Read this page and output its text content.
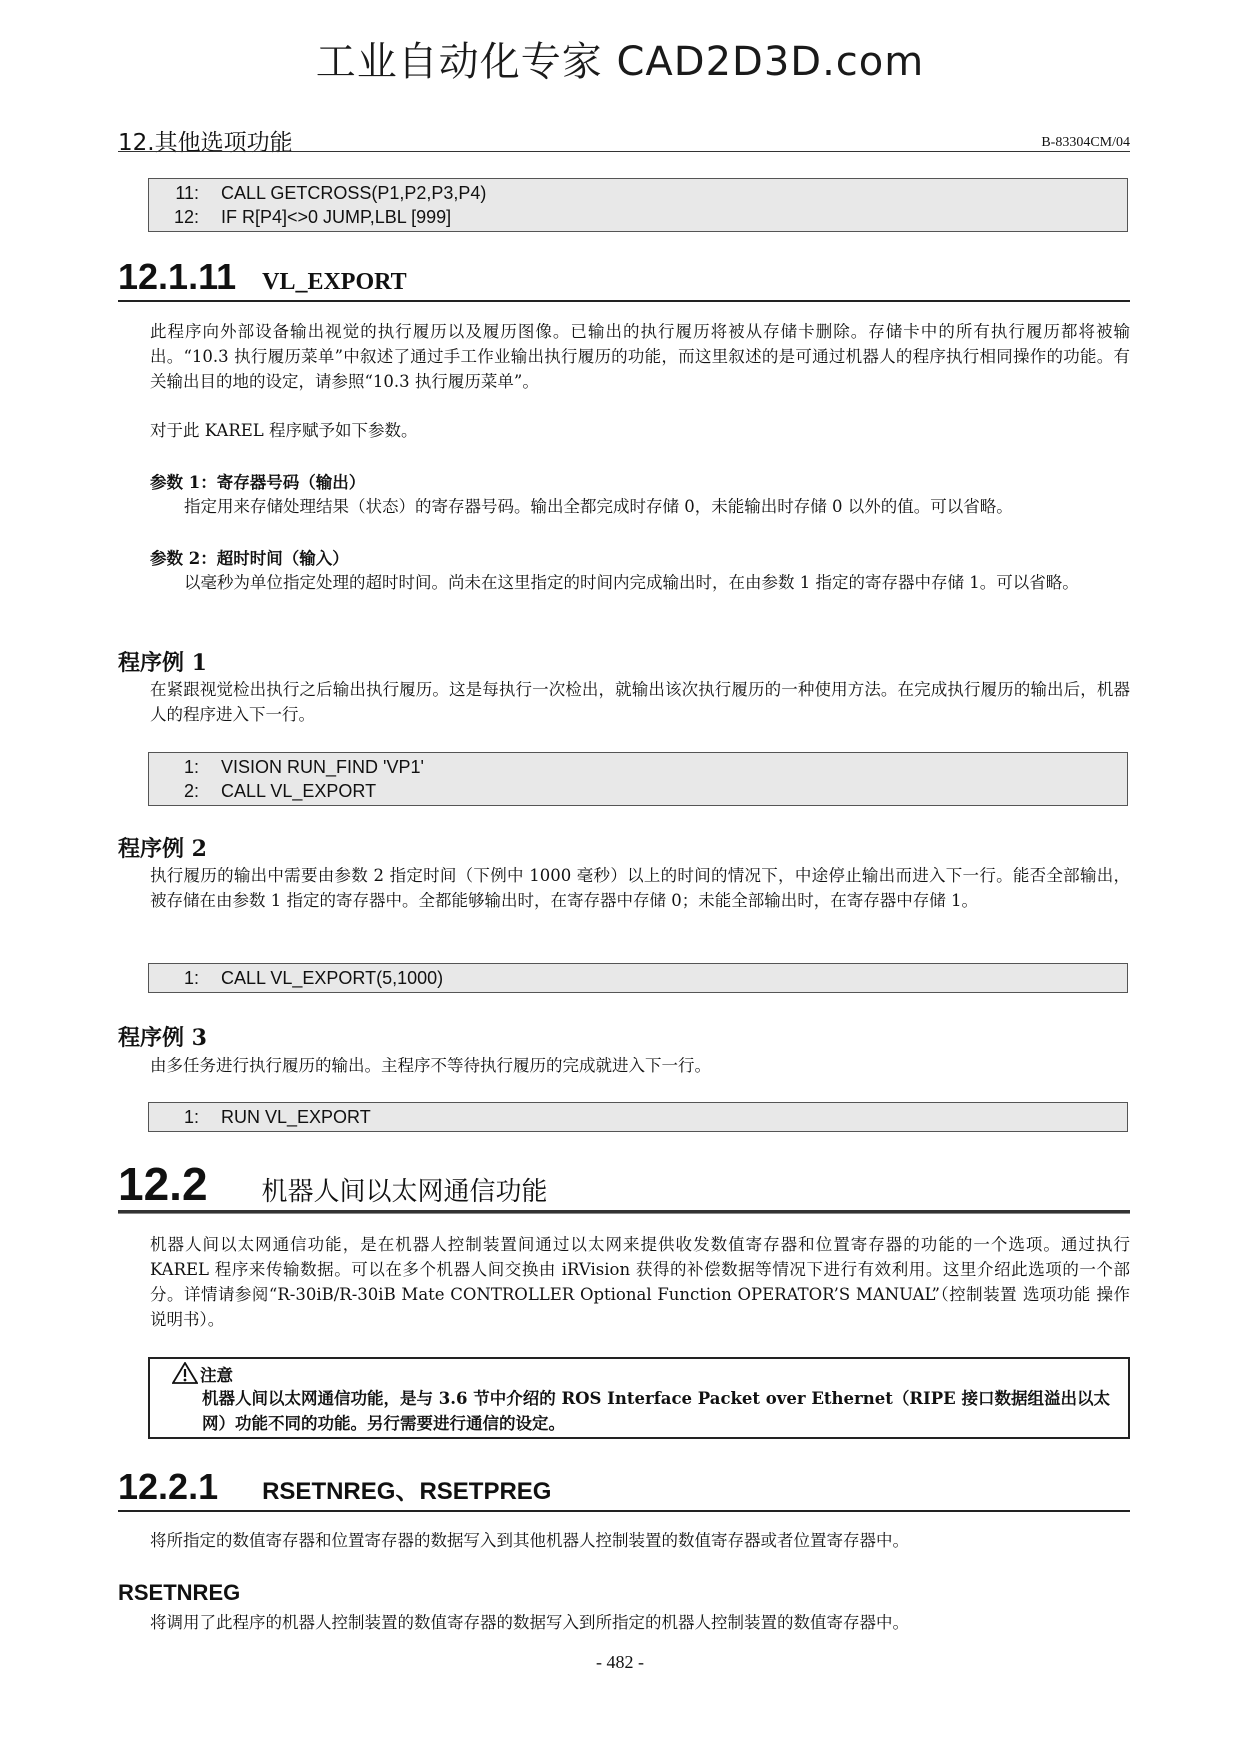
工业自动化专家 CAD2D3D.com
12.其他选项功能	B-83304CM/04
11:	CALL GETCROSS(P1,P2,P3,P4)
12:	IF R[P4]<>0 JUMP,LBL [999]
12.1.11 VL_EXPORT

此程序向外部设备输出视觉的执行履历以及履历图像。已输出的执行履历将被从存储卡删除。存储卡中的所有执行履历都将被输出。“10.3 执行履历菜单”中叙述了通过手工作业输出执行履历的功能，而这里叙述的是可通过机器人的程序执行相同操作的功能。有关输出目的地的设定，请参照“10.3 执行履历菜单”。

对于此 KAREL 程序赋予如下参数。

参数 1：寄存器号码（输出）

指定用来存储处理结果（状态）的寄存器号码。输出全都完成时存储 0，未能输出时存储 0 以外的值。可以省略。

参数 2：超时时间（输入）

以毫秒为单位指定处理的超时时间。尚未在这里指定的时间内完成输出时，在由参数 1 指定的寄存器中存储 1。可以省略。

程序例 1

在紧跟视觉检出执行之后输出执行履历。这是每执行一次检出，就输出该次执行履历的一种使用方法。在完成执行履历的输出后，机器人的程序进入下一行。

1:	VISION RUN_FIND 'VP1'
2:	CALL VL_EXPORT
程序例 2

执行履历的输出中需要由参数 2 指定时间（下例中 1000 毫秒）以上的时间的情况下，中途停止输出而进入下一行。能否全部输出，被存储在由参数 1 指定的寄存器中。全都能够输出时，在寄存器中存储 0；未能全部输出时，在寄存器中存储 1。

1:	CALL VL_EXPORT(5,1000)
程序例 3

由多任务进行执行履历的输出。主程序不等待执行履历的完成就进入下一行。

1:	RUN VL_EXPORT
12.2 机器人间以太网通信功能

机器人间以太网通信功能，是在机器人控制装置间通过以太网来提供收发数值寄存器和位置寄存器的功能的一个选项。通过执行 KAREL 程序来传输数据。可以在多个机器人间交换由 iRVision 获得的补偿数据等情况下进行有效利用。这里介绍此选项的一个部分。详情请参阅“R-30iB/R-30iB Mate CONTROLLER Optional Function OPERATOR’S MANUAL”（控制装置 选项功能 操作说明书）。

注意

机器人间以太网通信功能，是与 3.6 节中介绍的 ROS Interface Packet over Ethernet（RIPE 接口数据组溢出以太网）功能不同的功能。另行需要进行通信的设定。

12.2.1 RSETNREG、RSETPREG

将所指定的数值寄存器和位置寄存器的数据写入到其他机器人控制装置的数值寄存器或者位置寄存器中。

RSETNREG

将调用了此程序的机器人控制装置的数值寄存器的数据写入到所指定的机器人控制装置的数值寄存器中。

- 482 -
